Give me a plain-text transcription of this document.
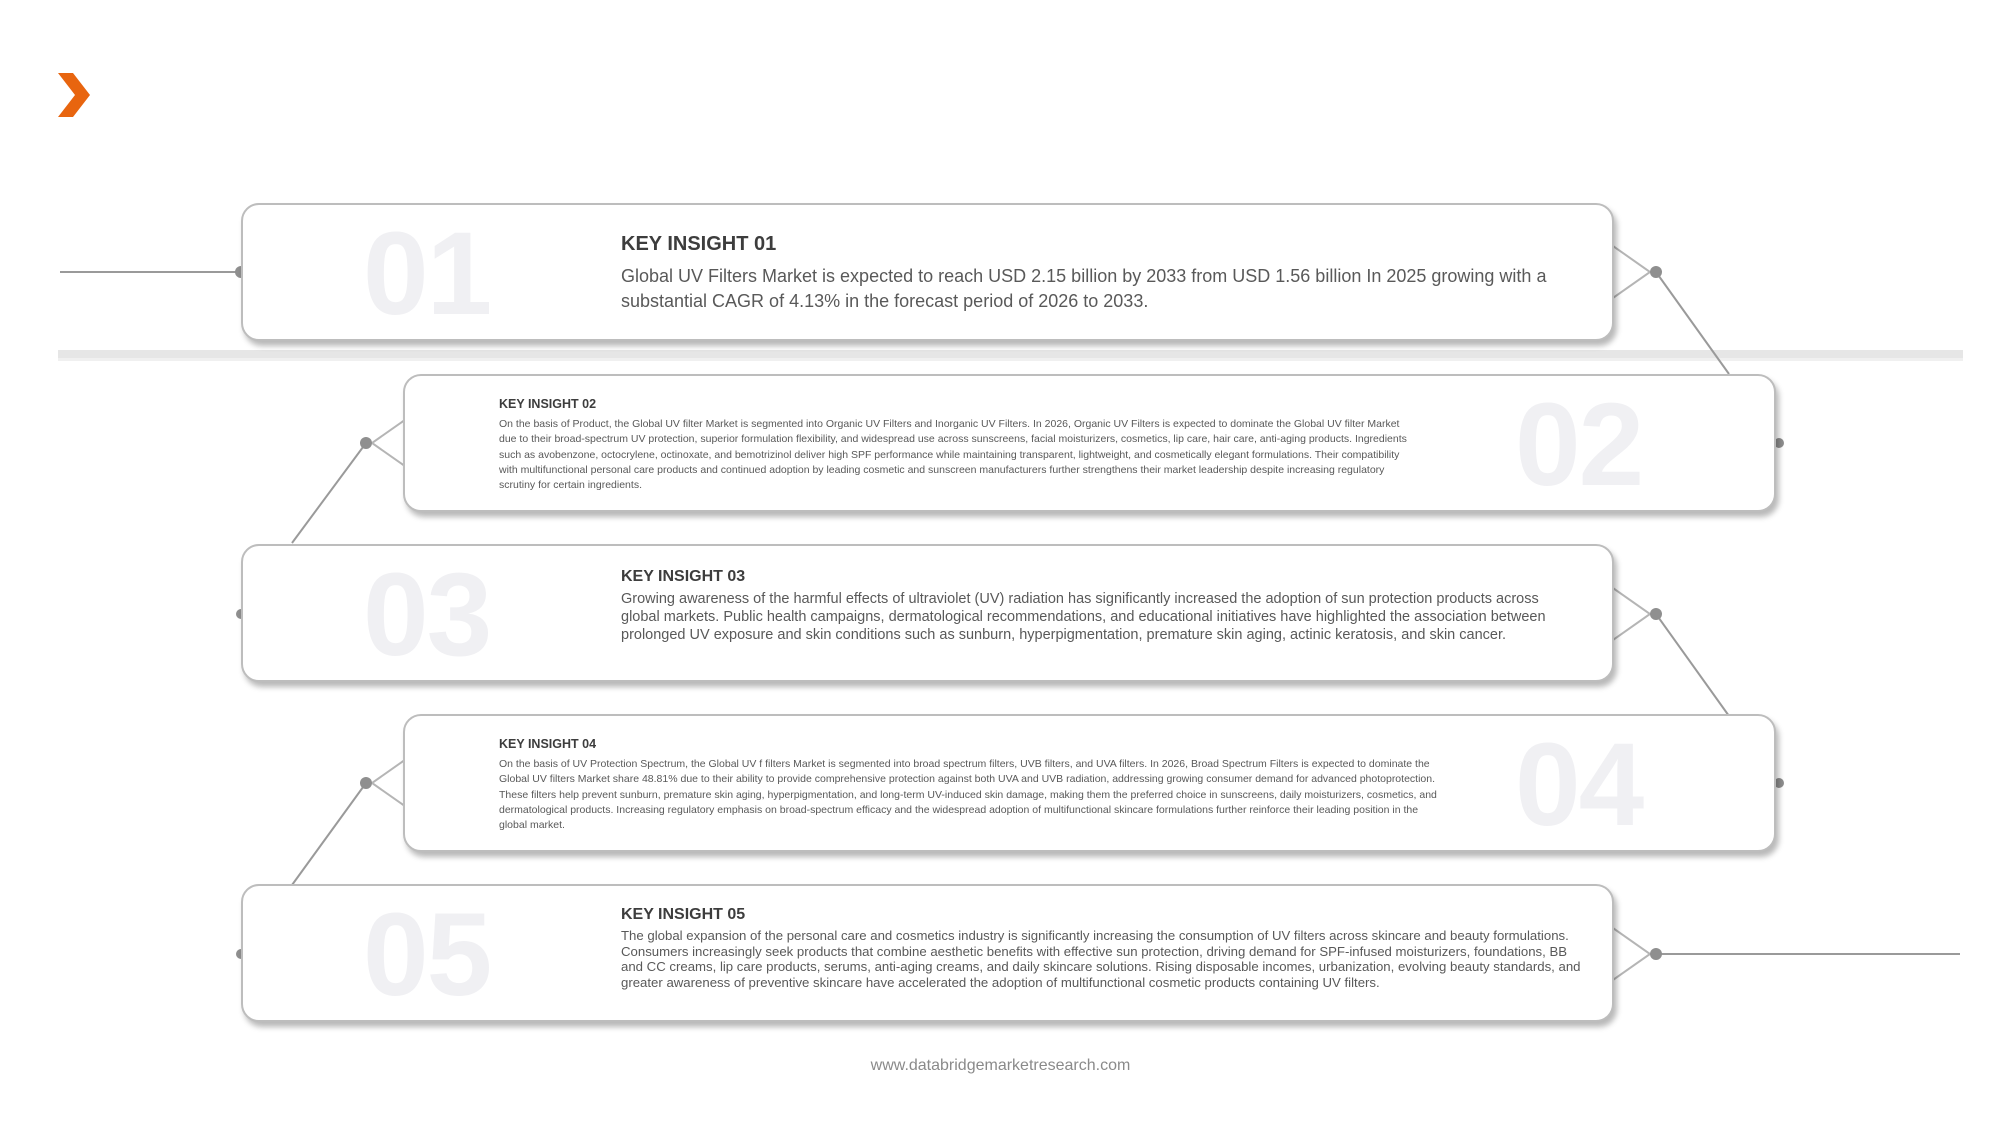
01	KEY INSIGHT 01
Global UV Filters Market is expected to reach USD 2.15 billion by 2033 from USD 1.56 billion In 2025 growing with a substantial CAGR of 4.13% in the forecast period of 2026 to 2033.
KEY INSIGHT 02
On the basis of Product, the Global UV filter Market is segmented into Organic UV Filters and Inorganic UV Filters. In 2026, Organic UV Filters is expected to dominate the Global UV filter Market due to their broad-spectrum UV protection, superior formulation flexibility, and widespread use across sunscreens, facial moisturizers, cosmetics, lip care, hair care, anti-aging products. Ingredients such as avobenzone, octocrylene, octinoxate, and bemotrizinol deliver high SPF performance while maintaining transparent, lightweight, and cosmetically elegant formulations. Their compatibility with multifunctional personal care products and continued adoption by leading cosmetic and sunscreen manufacturers further strengthens their market leadership despite increasing regulatory scrutiny for certain ingredients.	02
03	KEY INSIGHT 03
Growing awareness of the harmful effects of ultraviolet (UV) radiation has significantly increased the adoption of sun protection products across global markets. Public health campaigns, dermatological recommendations, and educational initiatives have highlighted the association between prolonged UV exposure and skin conditions such as sunburn, hyperpigmentation, premature skin aging, actinic keratosis, and skin cancer.
KEY INSIGHT 04
On the basis of UV Protection Spectrum, the Global UV f filters Market is segmented into broad spectrum filters, UVB filters, and UVA filters. In 2026, Broad Spectrum Filters is expected to dominate the Global UV filters Market share 48.81% due to their ability to provide comprehensive protection against both UVA and UVB radiation, addressing growing consumer demand for advanced photoprotection. These filters help prevent sunburn, premature skin aging, hyperpigmentation, and long-term UV-induced skin damage, making them the preferred choice in sunscreens, daily moisturizers, cosmetics, and dermatological products. Increasing regulatory emphasis on broad-spectrum efficacy and the widespread adoption of multifunctional skincare formulations further reinforce their leading position in the global market.	04
05	KEY INSIGHT 05
The global expansion of the personal care and cosmetics industry is significantly increasing the consumption of UV filters across skincare and beauty formulations. Consumers increasingly seek products that combine aesthetic benefits with effective sun protection, driving demand for SPF-infused moisturizers, foundations, BB and CC creams, lip care products, serums, anti-aging creams, and daily skincare solutions. Rising disposable incomes, urbanization, evolving beauty standards, and greater awareness of preventive skincare have accelerated the adoption of multifunctional cosmetic products containing UV filters.
www.databridgemarketresearch.com
